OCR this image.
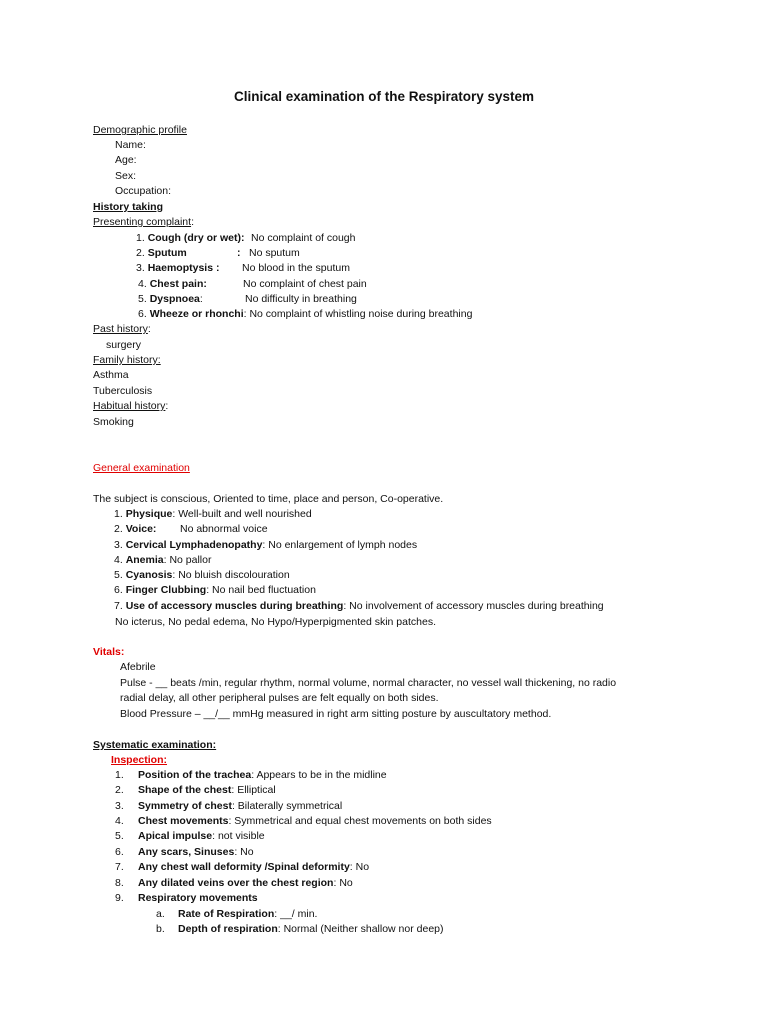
Clinical examination of the Respiratory system
Demographic profile
Name:
Age:
Sex:
Occupation:
History taking
Presenting complaint:
1. Cough (dry or wet): No complaint of cough
2. Sputum	: No sputum
3. Haemoptysis : No blood in the sputum
4. Chest pain:	No complaint of chest pain
5. Dyspnoea:	No difficulty in breathing
6. Wheeze or rhonchi: No complaint of whistling noise during breathing
Past history:
surgery
Family history:
Asthma
Tuberculosis
Habitual history:
Smoking
General examination
The subject is conscious, Oriented to time, place and person, Co-operative.
1. Physique: Well-built and well nourished
2. Voice: No abnormal voice
3. Cervical Lymphadenopathy: No enlargement of lymph nodes
4. Anemia: No pallor
5. Cyanosis: No bluish discolouration
6. Finger Clubbing: No nail bed fluctuation
7. Use of accessory muscles during breathing: No involvement of accessory muscles during breathing
No icterus, No pedal edema, No Hypo/Hyperpigmented skin patches.
Vitals:
Afebrile
Pulse - __ beats /min, regular rhythm, normal volume, normal character, no vessel wall thickening, no radio
radial delay, all other peripheral pulses are felt equally on both sides.
Blood Pressure – __/__ mmHg measured in right arm sitting posture by auscultatory method.
Systematic examination:
Inspection:
1. Position of the trachea: Appears to be in the midline
2. Shape of the chest: Elliptical
3. Symmetry of chest: Bilaterally symmetrical
4. Chest movements: Symmetrical and equal chest movements on both sides
5. Apical impulse: not visible
6. Any scars, Sinuses: No
7. Any chest wall deformity /Spinal deformity: No
8. Any dilated veins over the chest region: No
9. Respiratory movements
a. Rate of Respiration: __/ min.
b. Depth of respiration: Normal (Neither shallow nor deep)
